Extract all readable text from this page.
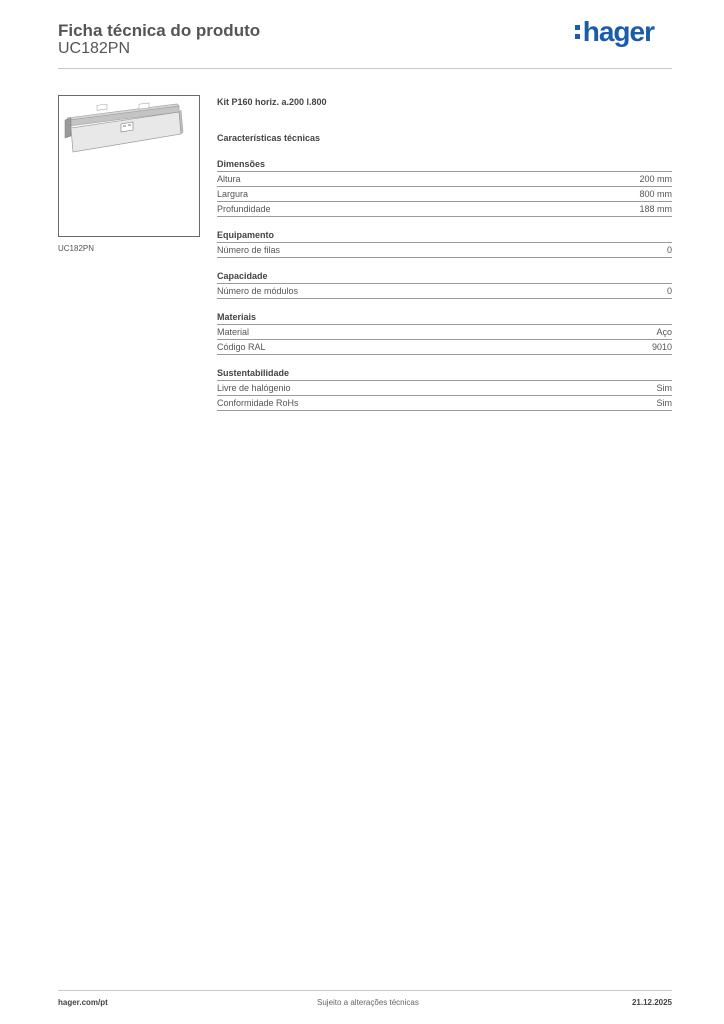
Ficha técnica do produto
UC182PN
hager
UC182PN
Kit P160 horiz. a.200 l.800
Características técnicas
Dimensões
Altura	200 mm
Largura	800 mm
Profundidade	188 mm
Equipamento
Número de filas	0
Capacidade
Número de módulos	0
Materiais
Material	Aço
Código RAL	9010
Sustentabilidade
Livre de halógenio	Sim
Conformidade RoHs	Sim
hager.com/pt	Sujeito a alterações técnicas	21.12.2025
